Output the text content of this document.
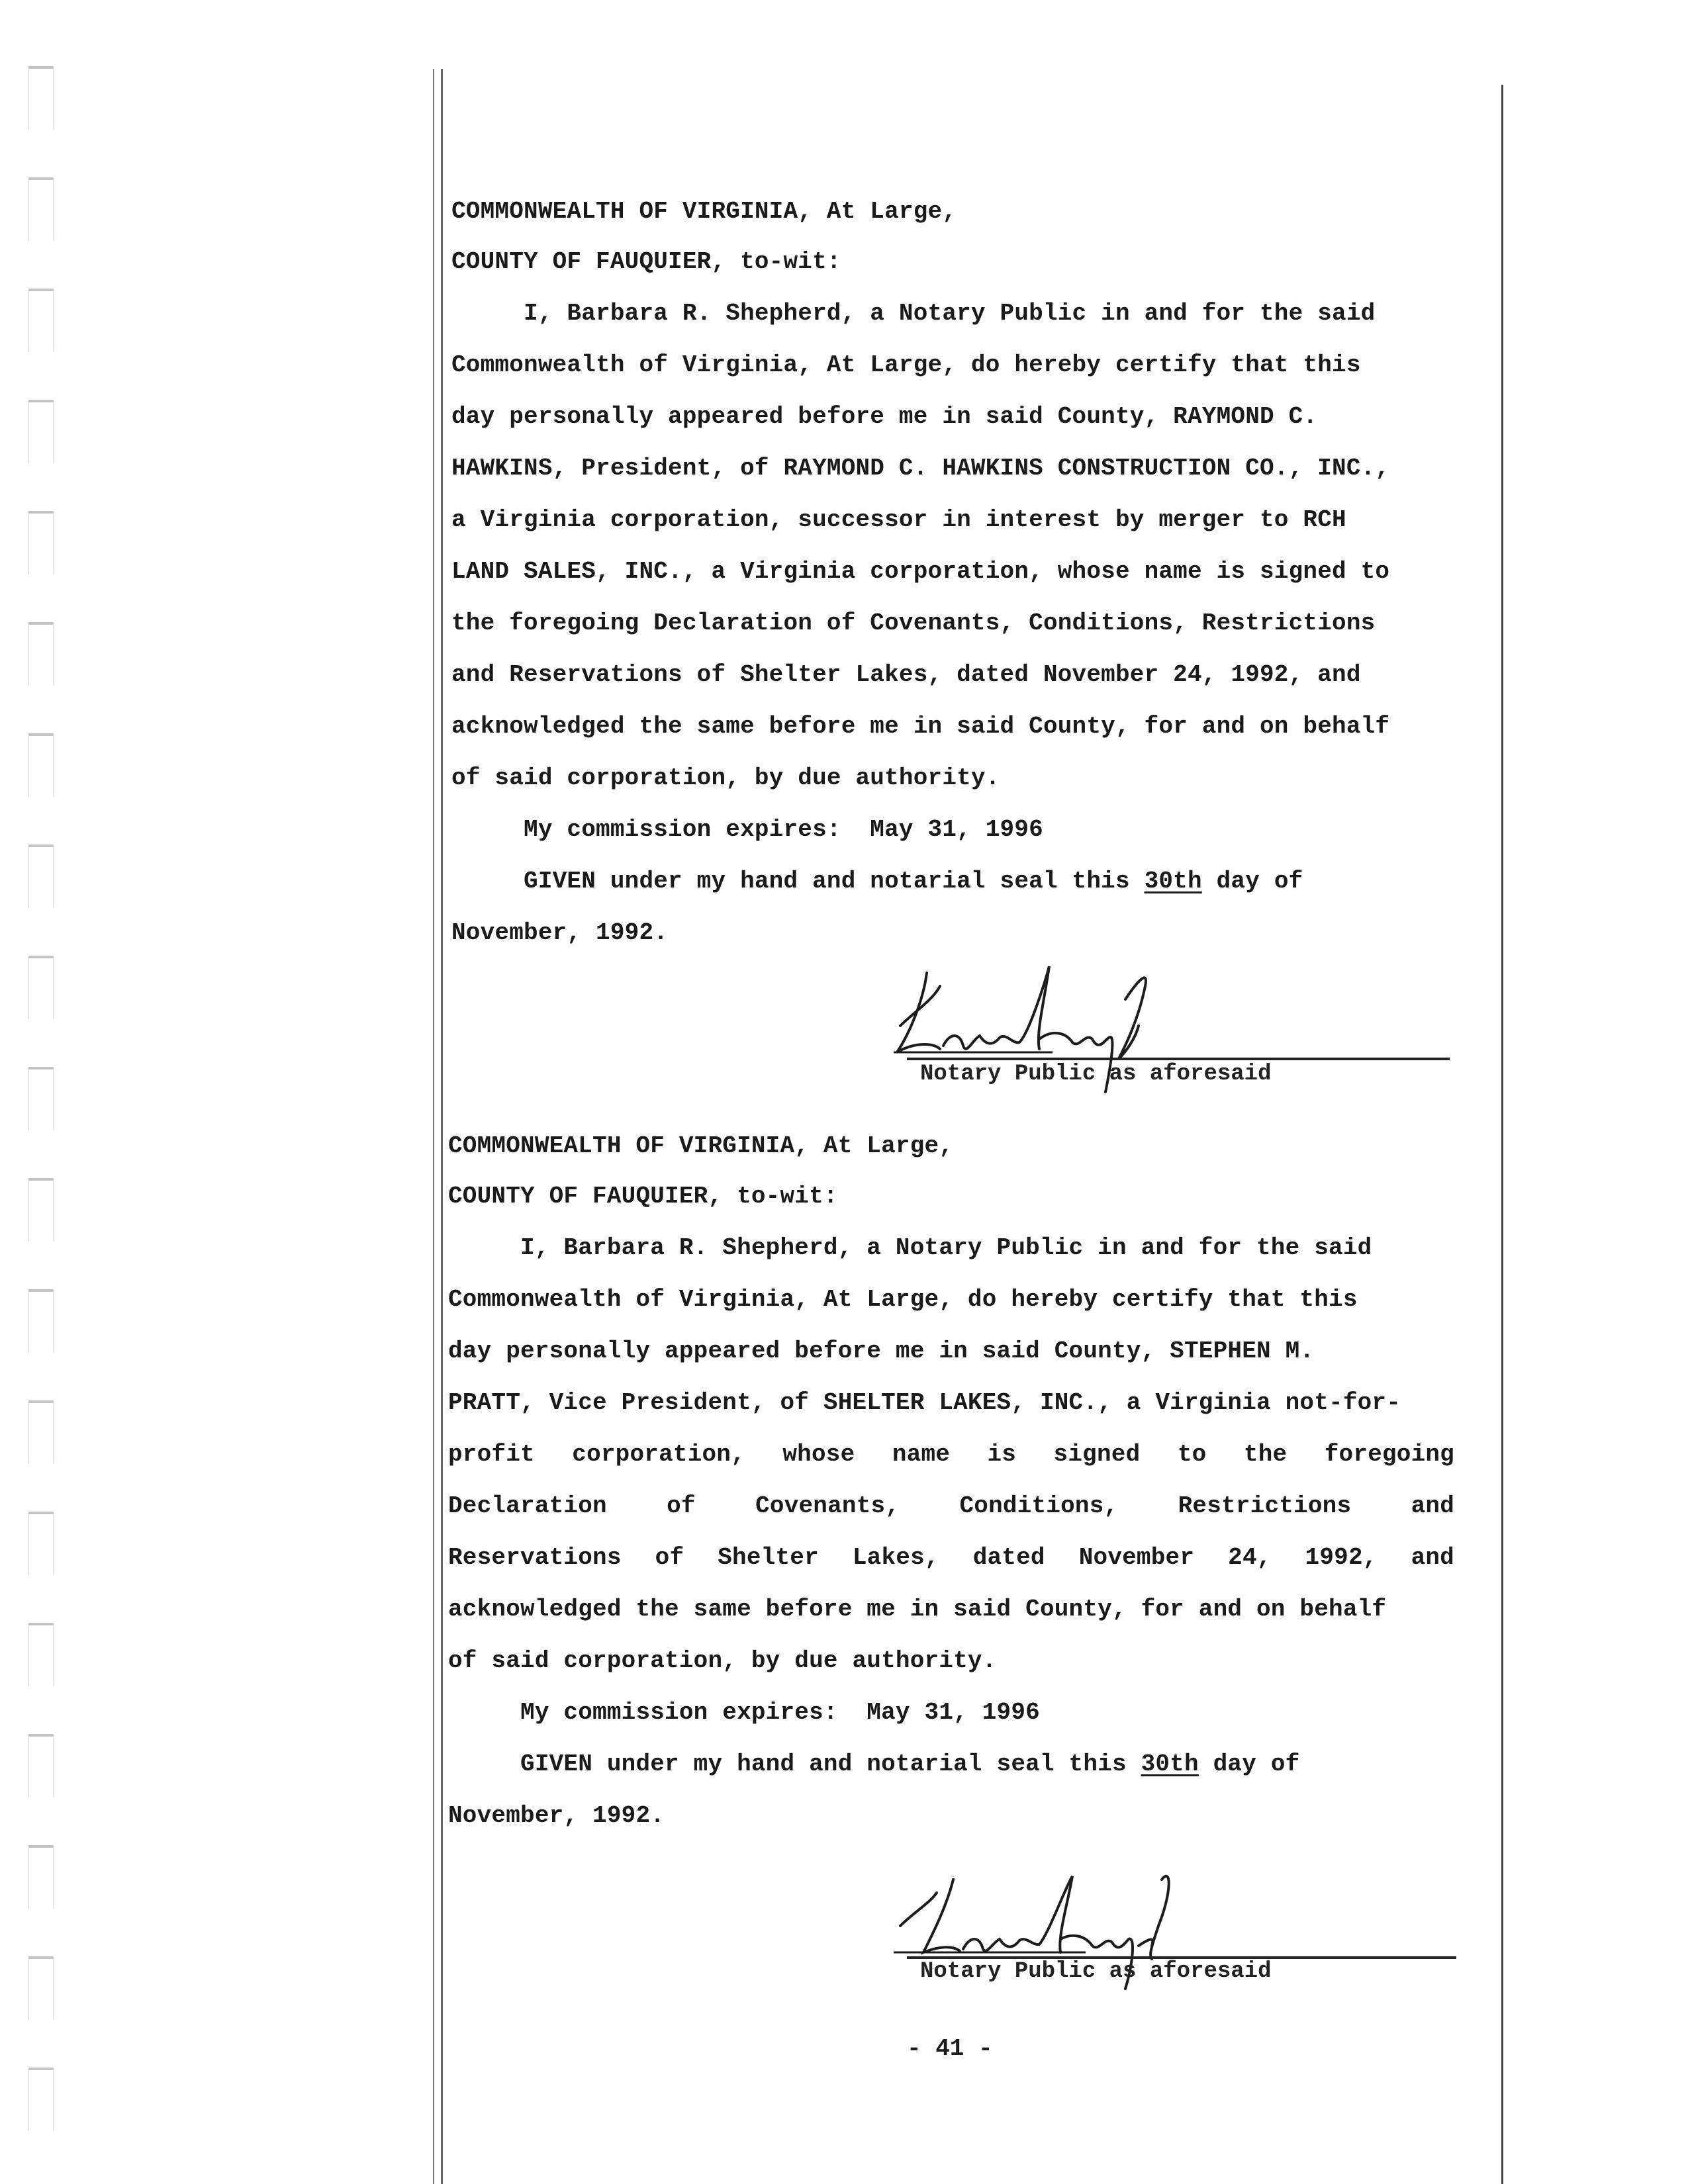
COMMONWEALTH OF VIRGINIA, At Large,

COUNTY OF FAUQUIER, to-wit:

I, Barbara R. Shepherd, a Notary Public in and for the said

Commonwealth of Virginia, At Large, do hereby certify that this

day personally appeared before me in said County, RAYMOND C.

HAWKINS, President, of RAYMOND C. HAWKINS CONSTRUCTION CO., INC.,

a Virginia corporation, successor in interest by merger to RCH

LAND SALES, INC., a Virginia corporation, whose name is signed to

the foregoing Declaration of Covenants, Conditions, Restrictions

and Reservations of Shelter Lakes, dated November 24, 1992, and

acknowledged the same before me in said County, for and on behalf

of said corporation, by due authority.

My commission expires:  May 31, 1996

GIVEN under my hand and notarial seal this 30th day of

November, 1992.

Notary Public as aforesaid

COMMONWEALTH OF VIRGINIA, At Large,

COUNTY OF FAUQUIER, to-wit:

I, Barbara R. Shepherd, a Notary Public in and for the said

Commonwealth of Virginia, At Large, do hereby certify that this

day personally appeared before me in said County, STEPHEN M.

PRATT, Vice President, of SHELTER LAKES, INC., a Virginia not-for-

profit corporation, whose name is signed to the foregoing

Declaration of Covenants, Conditions, Restrictions and

Reservations of Shelter Lakes, dated November 24, 1992, and

acknowledged the same before me in said County, for and on behalf

of said corporation, by due authority.

My commission expires:  May 31, 1996

GIVEN under my hand and notarial seal this 30th day of

November, 1992.

Notary Public as aforesaid
- 41 -
